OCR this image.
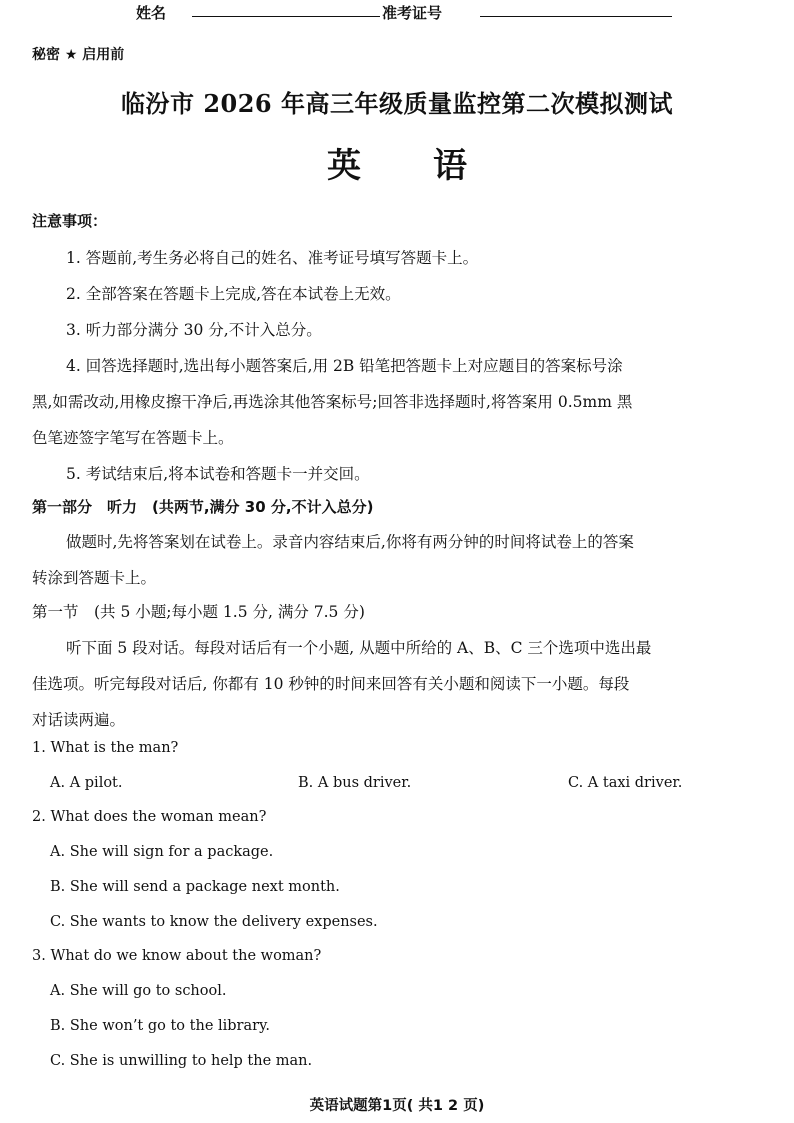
姓名	准考证号
秘密 ★ 启用前
临汾市 2026 年高三年级质量监控第二次模拟测试
英语
注意事项：
1. 答题前,考生务必将自己的姓名、准考证号填写答题卡上。
2. 全部答案在答题卡上完成,答在本试卷上无效。
3. 听力部分满分 30 分,不计入总分。
4. 回答选择题时,选出每小题答案后,用 2B 铅笔把答题卡上对应题目的答案标号涂
黑,如需改动,用橡皮擦干净后,再选涂其他答案标号;回答非选择题时,将答案用 0.5mm 黑
色笔迹签字笔写在答题卡上。
5. 考试结束后,将本试卷和答题卡一并交回。
第一部分　听力　(共两节,满分 30 分,不计入总分)
做题时,先将答案划在试卷上。录音内容结束后,你将有两分钟的时间将试卷上的答案
转涂到答题卡上。
第一节　(共 5 小题;每小题 1.5 分, 满分 7.5 分)
听下面 5 段对话。每段对话后有一个小题, 从题中所给的 A、B、C 三个选项中选出最
佳选项。听完每段对话后, 你都有 10 秒钟的时间来回答有关小题和阅读下一小题。每段
对话读两遍。
1. What is the man?
A. A pilot.	B. A bus driver.	C. A taxi driver.
2. What does the woman mean?
A. She will sign for a package.
B. She will send a package next month.
C. She wants to know the delivery expenses.
3. What do we know about the woman?
A. She will go to school.
B. She won’t go to the library.
C. She is unwilling to help the man.
英语试题第1页( 共1 2 页)
